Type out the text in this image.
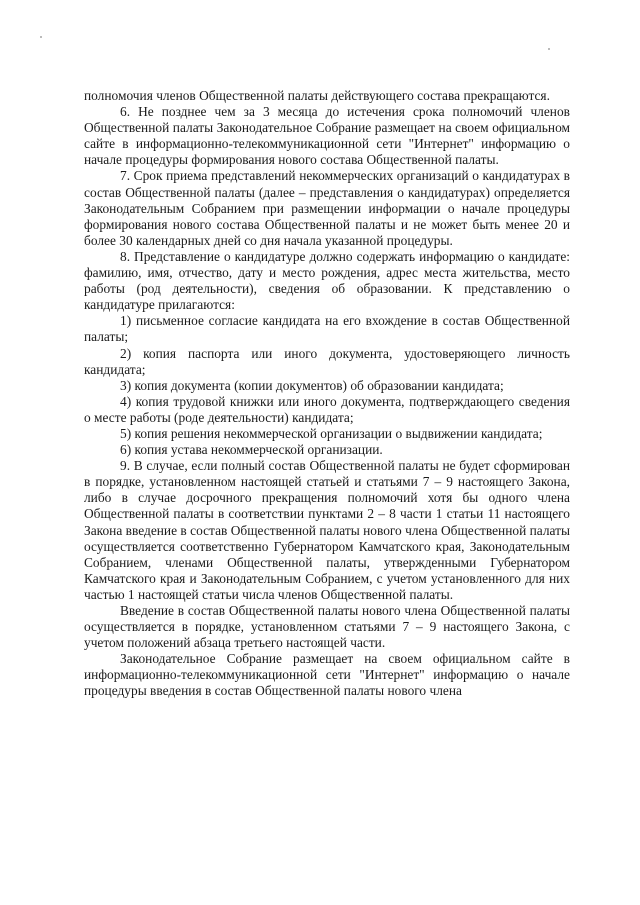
полномочия членов Общественной палаты действующего состава прекращаются.

6. Не позднее чем за 3 месяца до истечения срока полномочий членов Общественной палаты Законодательное Собрание размещает на своем официальном сайте в информационно-телекоммуникационной сети "Интернет" информацию о начале процедуры формирования нового состава Общественной палаты.

7. Срок приема представлений некоммерческих организаций о кандидатурах в состав Общественной палаты (далее – представления о кандидатурах) определяется Законодательным Собранием при размещении информации о начале процедуры формирования нового состава Общественной палаты и не может быть менее 20 и более 30 календарных дней со дня начала указанной процедуры.

8. Представление о кандидатуре должно содержать информацию о кандидате: фамилию, имя, отчество, дату и место рождения, адрес места жительства, место работы (род деятельности), сведения об образовании. К представлению о кандидатуре прилагаются:

1) письменное согласие кандидата на его вхождение в состав Общественной палаты;

2) копия паспорта или иного документа, удостоверяющего личность кандидата;

3) копия документа (копии документов) об образовании кандидата;

4) копия трудовой книжки или иного документа, подтверждающего сведения о месте работы (роде деятельности) кандидата;

5) копия решения некоммерческой организации о выдвижении кандидата;

6) копия устава некоммерческой организации.

9. В случае, если полный состав Общественной палаты не будет сформирован в порядке, установленном настоящей статьей и статьями 7 – 9 настоящего Закона, либо в случае досрочного прекращения полномочий хотя бы одного члена Общественной палаты в соответствии пунктами 2 – 8 части 1 статьи 11 настоящего Закона введение в состав Общественной палаты нового члена Общественной палаты осуществляется соответственно Губернатором Камчатского края, Законодательным Собранием, членами Общественной палаты, утвержденными Губернатором Камчатского края и Законодательным Собранием, с учетом установленного для них частью 1 настоящей статьи числа членов Общественной палаты.

Введение в состав Общественной палаты нового члена Общественной палаты осуществляется в порядке, установленном статьями 7 – 9 настоящего Закона, с учетом положений абзаца третьего настоящей части.

Законодательное Собрание размещает на своем официальном сайте в информационно-телекоммуникационной сети "Интернет" информацию о начале процедуры введения в состав Общественной палаты нового члена
